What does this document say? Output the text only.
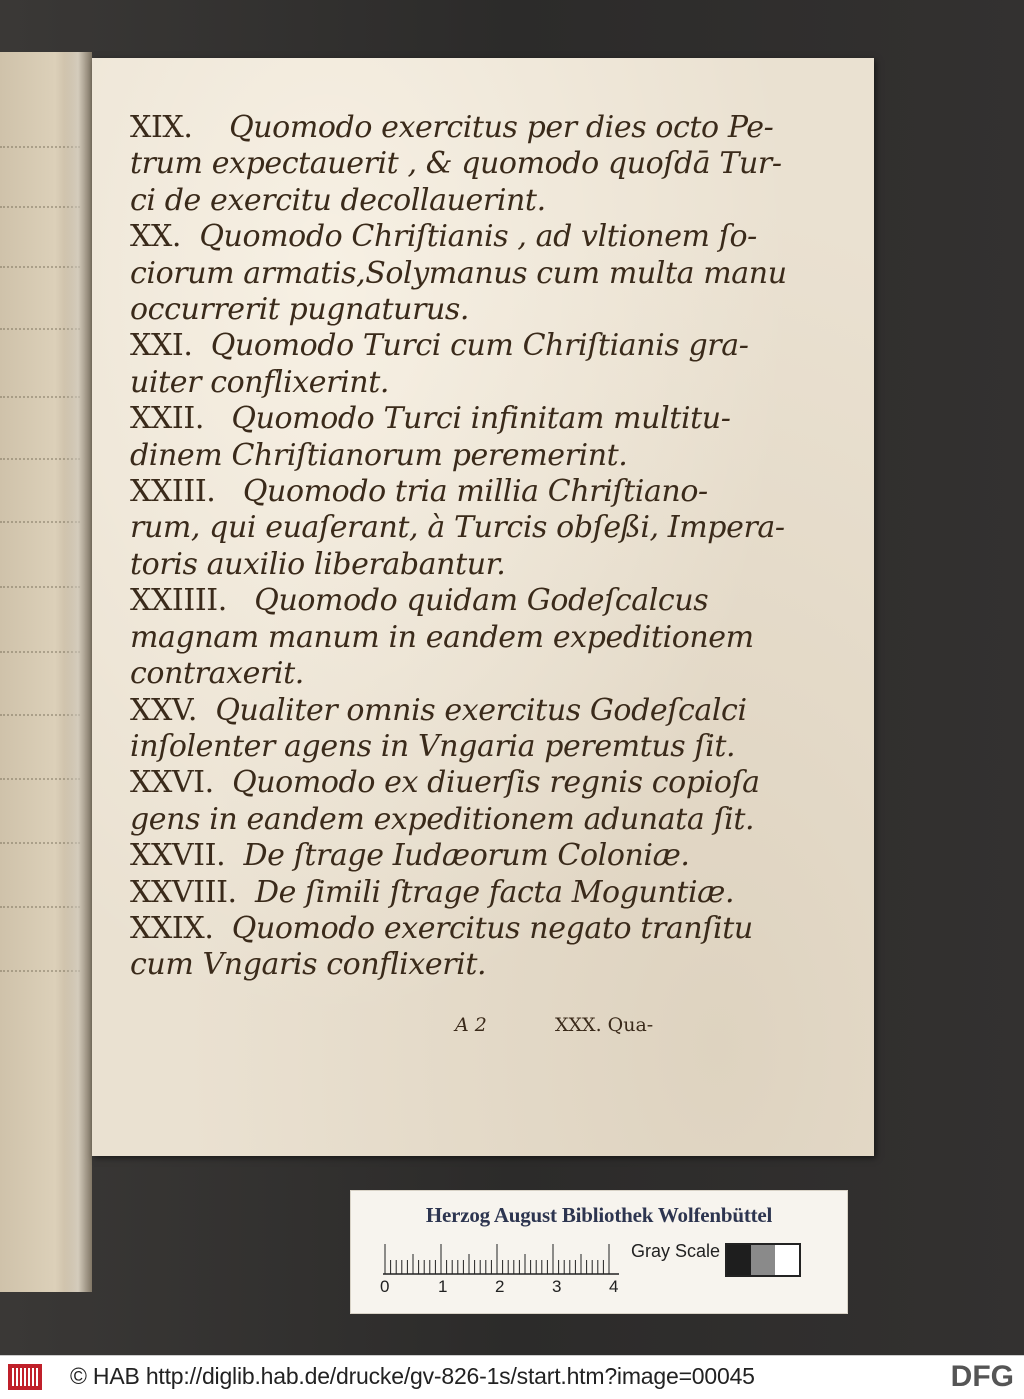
XIX. Quomodo exercitus per dies octo Pe-
trum expectauerit , & quomodo quoſdā Tur-
ci de exercitu decollauerint.
XX. Quomodo Chriſtianis , ad vltionem ſo-
ciorum armatis,Solymanus cum multa manu
occurrerit pugnaturus.
XXI. Quomodo Turci cum Chriſtianis gra-
uiter conflixerint.
XXII. Quomodo Turci infinitam multitu-
dinem Chriſtianorum peremerint.
XXIII. Quomodo tria millia Chriſtiano-
rum, qui euaſerant, à Turcis obſeßi, Impera-
toris auxilio liberabantur.
XXIIII. Quomodo quidam Godeſcalcus
magnam manum in eandem expeditionem
contraxerit.
XXV. Qualiter omnis exercitus Godeſcalci
inſolenter agens in Vngaria peremtus ſit.
XXVI. Quomodo ex diuerſis regnis copioſa
gens in eandem expeditionem adunata ſit.
XXVII. De ſtrage Iudæorum Coloniæ.
XXVIII. De ſimili ſtrage facta Moguntiæ.
XXIX. Quomodo exercitus negato tranſitu
cum Vngaris conflixerit.
A 2	XXX. Qua-
Herzog August Bibliothek Wolfenbüttel
0	1	2	3	4
Gray Scale
© HAB http://diglib.hab.de/drucke/gv-826-1s/start.htm?image=00045	DFG
